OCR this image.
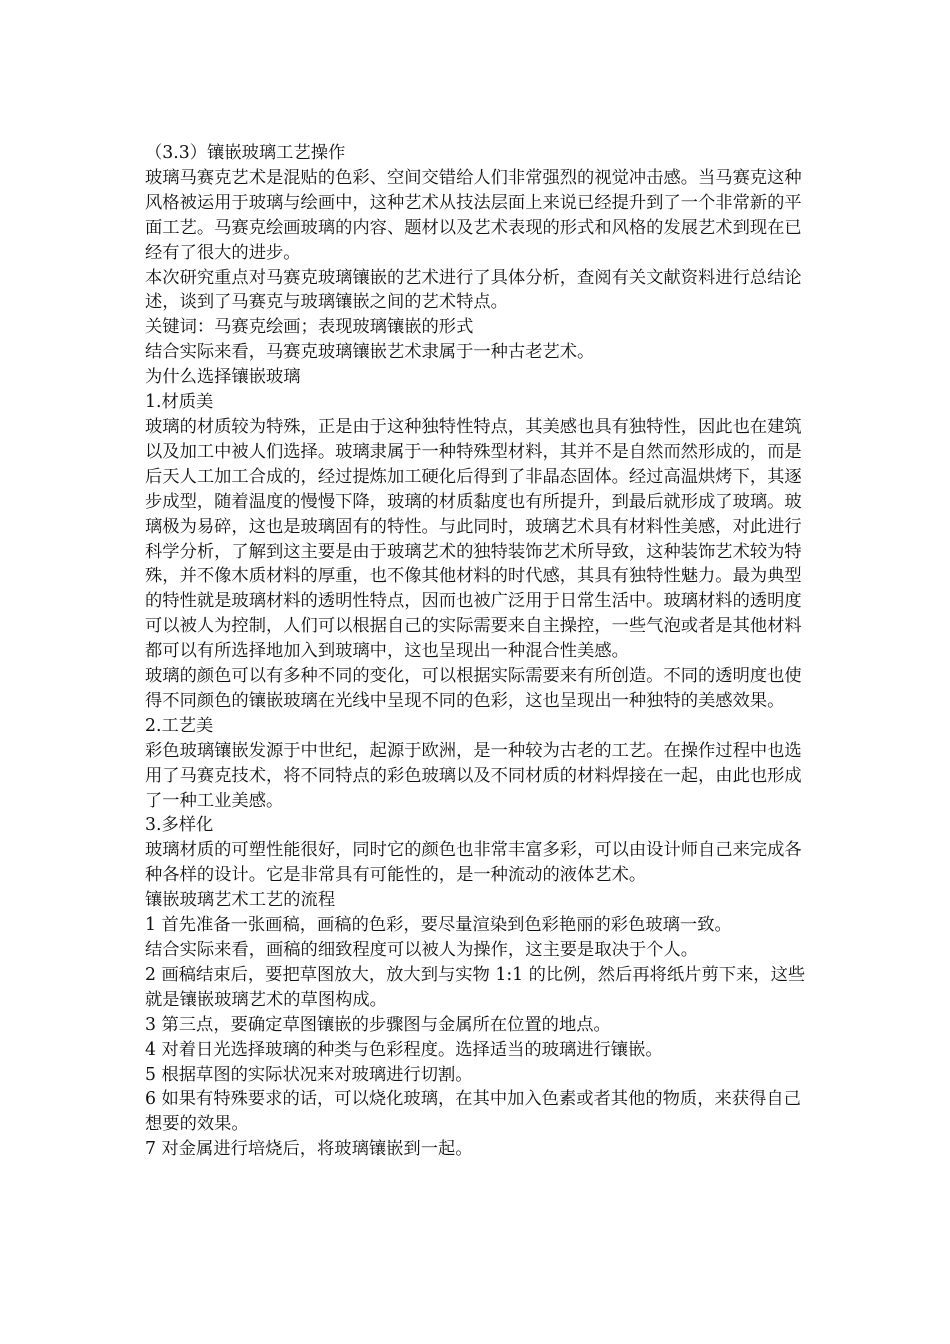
（3.3）镶嵌玻璃工艺操作

玻璃马赛克艺术是混贴的色彩、空间交错给人们非常强烈的视觉冲击感。当马赛克这种风格被运用于玻璃与绘画中，这种艺术从技法层面上来说已经提升到了一个非常新的平面工艺。马赛克绘画玻璃的内容、题材以及艺术表现的形式和风格的发展艺术到现在已经有了很大的进步。

本次研究重点对马赛克玻璃镶嵌的艺术进行了具体分析，查阅有关文献资料进行总结论述，谈到了马赛克与玻璃镶嵌之间的艺术特点。

关键词：马赛克绘画；表现玻璃镶嵌的形式

结合实际来看，马赛克玻璃镶嵌艺术隶属于一种古老艺术。

为什么选择镶嵌玻璃

1.材质美

玻璃的材质较为特殊，正是由于这种独特性特点，其美感也具有独特性，因此也在建筑以及加工中被人们选择。玻璃隶属于一种特殊型材料，其并不是自然而然形成的，而是后天人工加工合成的，经过提炼加工硬化后得到了非晶态固体。经过高温烘烤下，其逐步成型，随着温度的慢慢下降，玻璃的材质黏度也有所提升，到最后就形成了玻璃。玻璃极为易碎，这也是玻璃固有的特性。与此同时，玻璃艺术具有材料性美感，对此进行科学分析，了解到这主要是由于玻璃艺术的独特装饰艺术所导致，这种装饰艺术较为特殊，并不像木质材料的厚重，也不像其他材料的时代感，其具有独特性魅力。最为典型的特性就是玻璃材料的透明性特点，因而也被广泛用于日常生活中。玻璃材料的透明度可以被人为控制，人们可以根据自己的实际需要来自主操控，一些气泡或者是其他材料都可以有所选择地加入到玻璃中，这也呈现出一种混合性美感。

玻璃的颜色可以有多种不同的变化，可以根据实际需要来有所创造。不同的透明度也使得不同颜色的镶嵌玻璃在光线中呈现不同的色彩，这也呈现出一种独特的美感效果。

2.工艺美

彩色玻璃镶嵌发源于中世纪，起源于欧洲，是一种较为古老的工艺。在操作过程中也选用了马赛克技术，将不同特点的彩色玻璃以及不同材质的材料焊接在一起，由此也形成了一种工业美感。

3.多样化

玻璃材质的可塑性能很好，同时它的颜色也非常丰富多彩，可以由设计师自己来完成各种各样的设计。它是非常具有可能性的，是一种流动的液体艺术。

镶嵌玻璃艺术工艺的流程

1 首先准备一张画稿，画稿的色彩，要尽量渲染到色彩艳丽的彩色玻璃一致。

结合实际来看，画稿的细致程度可以被人为操作，这主要是取决于个人。

2 画稿结束后，要把草图放大，放大到与实物 1:1 的比例，然后再将纸片剪下来，这些就是镶嵌玻璃艺术的草图构成。

3 第三点，要确定草图镶嵌的步骤图与金属所在位置的地点。

4 对着日光选择玻璃的种类与色彩程度。选择适当的玻璃进行镶嵌。

5 根据草图的实际状况来对玻璃进行切割。

6 如果有特殊要求的话，可以烧化玻璃，在其中加入色素或者其他的物质，来获得自己想要的效果。

7 对金属进行培烧后，将玻璃镶嵌到一起。
